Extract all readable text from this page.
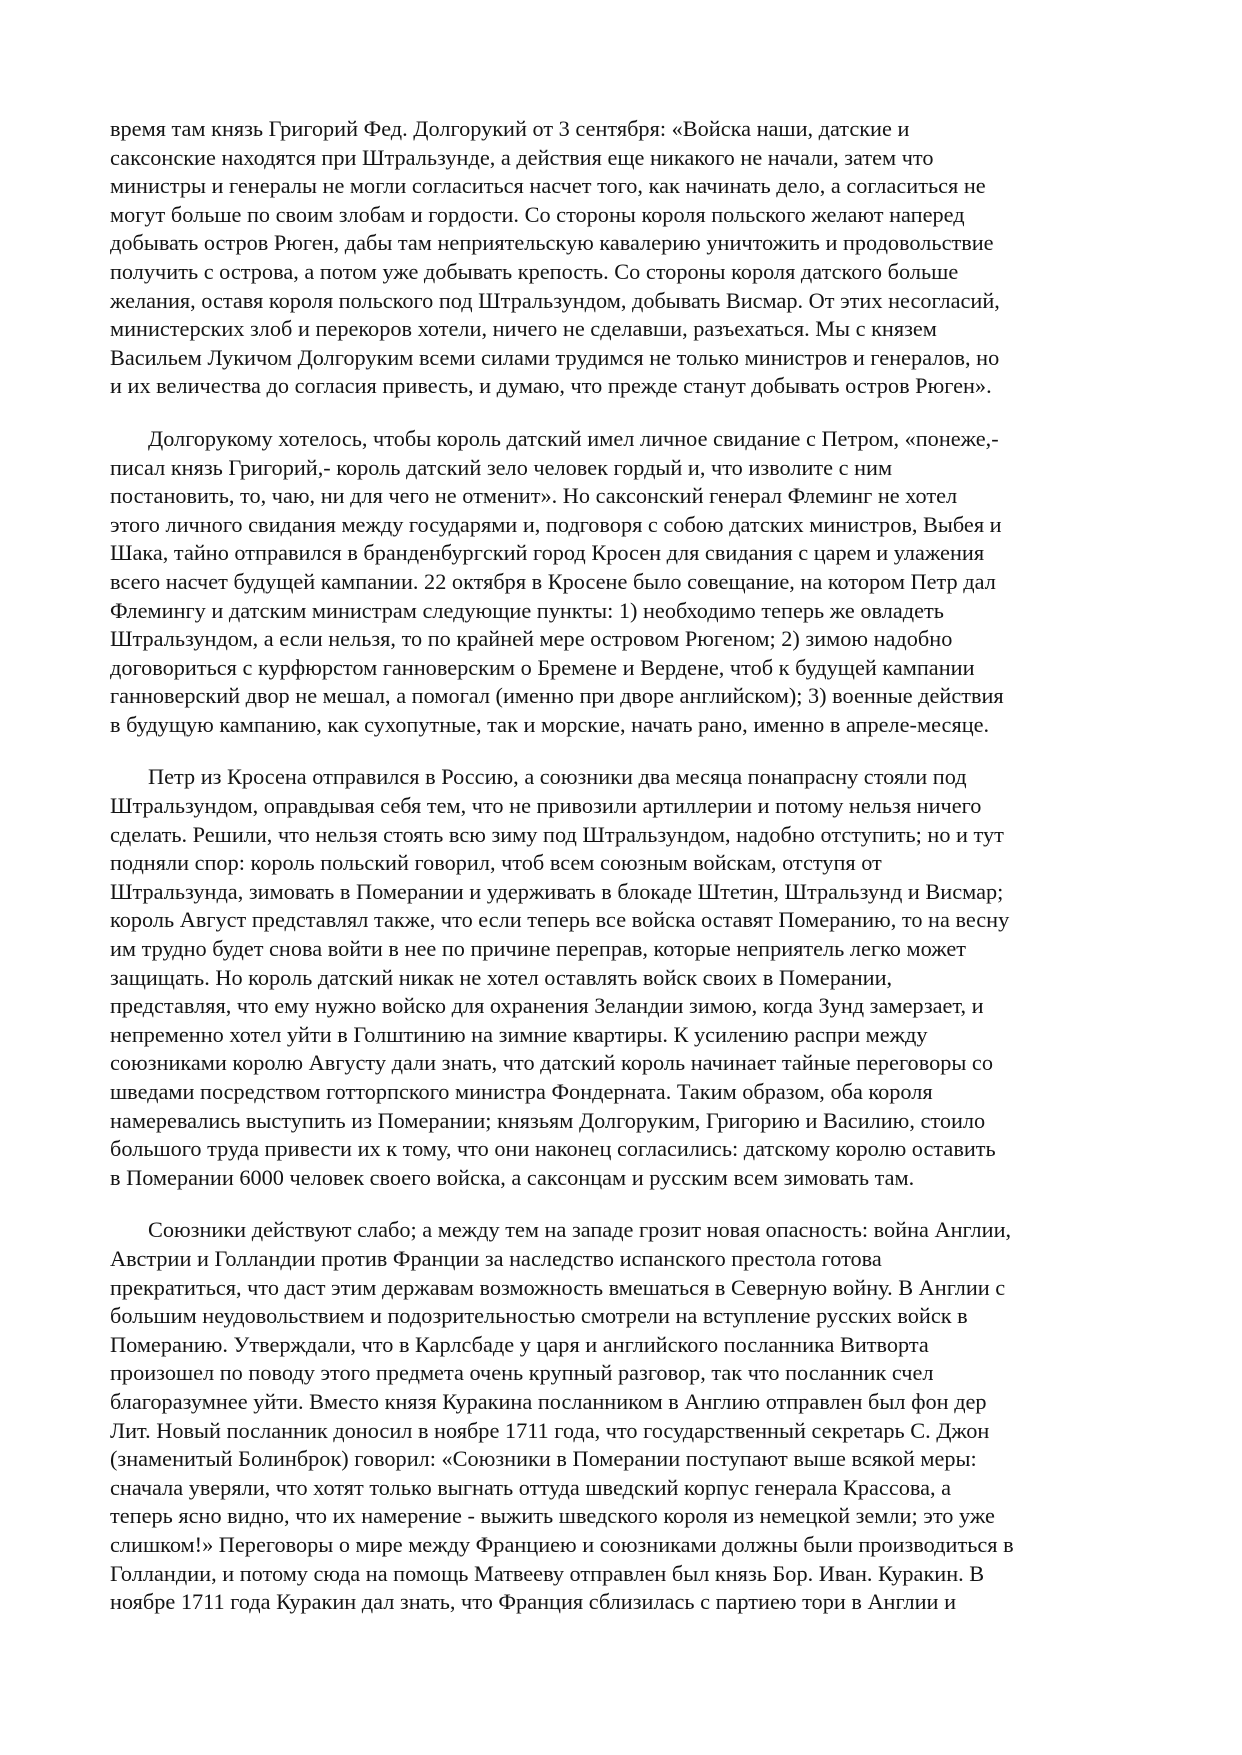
время там князь Григорий Фед. Долгорукий от 3 сентября: «Войска наши, датские и
саксонские находятся при Штральзунде, а действия еще никакого не начали, затем что
министры и генералы не могли согласиться насчет того, как начинать дело, а согласиться не
могут больше по своим злобам и гордости. Со стороны короля польского желают наперед
добывать остров Рюген, дабы там неприятельскую кавалерию уничтожить и продовольствие
получить с острова, а потом уже добывать крепость. Со стороны короля датского больше
желания, оставя короля польского под Штральзундом, добывать Висмар. От этих несогласий,
министерских злоб и перекоров хотели, ничего не сделавши, разъехаться. Мы с князем
Васильем Лукичом Долгоруким всеми силами трудимся не только министров и генералов, но
и их величества до согласия привесть, и думаю, что прежде станут добывать остров Рюген».
Долгорукому хотелось, чтобы король датский имел личное свидание с Петром, «понеже,-
писал князь Григорий,- король датский зело человек гордый и, что изволите с ним
постановить, то, чаю, ни для чего не отменит». Но саксонский генерал Флеминг не хотел
этого личного свидания между государями и, подговоря с собою датских министров, Выбея и
Шака, тайно отправился в бранденбургский город Кросен для свидания с царем и улажения
всего насчет будущей кампании. 22 октября в Кросене было совещание, на котором Петр дал
Флемингу и датским министрам следующие пункты: 1) необходимо теперь же овладеть
Штральзундом, а если нельзя, то по крайней мере островом Рюгеном; 2) зимою надобно
договориться с курфюрстом ганноверским о Бремене и Вердене, чтоб к будущей кампании
ганноверский двор не мешал, а помогал (именно при дворе английском); 3) военные действия
в будущую кампанию, как сухопутные, так и морские, начать рано, именно в апреле-месяце.
Петр из Кросена отправился в Россию, а союзники два месяца понапрасну стояли под
Штральзундом, оправдывая себя тем, что не привозили артиллерии и потому нельзя ничего
сделать. Решили, что нельзя стоять всю зиму под Штральзундом, надобно отступить; но и тут
подняли спор: король польский говорил, чтоб всем союзным войскам, отступя от
Штральзунда, зимовать в Померании и удерживать в блокаде Штетин, Штральзунд и Висмар;
король Август представлял также, что если теперь все войска оставят Померанию, то на весну
им трудно будет снова войти в нее по причине переправ, которые неприятель легко может
защищать. Но король датский никак не хотел оставлять войск своих в Померании,
представляя, что ему нужно войско для охранения Зеландии зимою, когда Зунд замерзает, и
непременно хотел уйти в Голштинию на зимние квартиры. К усилению распри между
союзниками королю Августу дали знать, что датский король начинает тайные переговоры со
шведами посредством готторпского министра Фондерната. Таким образом, оба короля
намеревались выступить из Померании; князьям Долгоруким, Григорию и Василию, стоило
большого труда привести их к тому, что они наконец согласились: датскому королю оставить
в Померании 6000 человек своего войска, а саксонцам и русским всем зимовать там.
Союзники действуют слабо; а между тем на западе грозит новая опасность: война Англии,
Австрии и Голландии против Франции за наследство испанского престола готова
прекратиться, что даст этим державам возможность вмешаться в Северную войну. В Англии с
большим неудовольствием и подозрительностью смотрели на вступление русских войск в
Померанию. Утверждали, что в Карлсбаде у царя и английского посланника Витворта
произошел по поводу этого предмета очень крупный разговор, так что посланник счел
благоразумнее уйти. Вместо князя Куракина посланником в Англию отправлен был фон дер
Лит. Новый посланник доносил в ноябре 1711 года, что государственный секретарь С. Джон
(знаменитый Болинброк) говорил: «Союзники в Померании поступают выше всякой меры:
сначала уверяли, что хотят только выгнать оттуда шведский корпус генерала Крассова, а
теперь ясно видно, что их намерение - выжить шведского короля из немецкой земли; это уже
слишком!» Переговоры о мире между Франциею и союзниками должны были производиться в
Голландии, и потому сюда на помощь Матвееву отправлен был князь Бор. Иван. Куракин. В
ноябре 1711 года Куракин дал знать, что Франция сблизилась с партиею тори в Англии и
